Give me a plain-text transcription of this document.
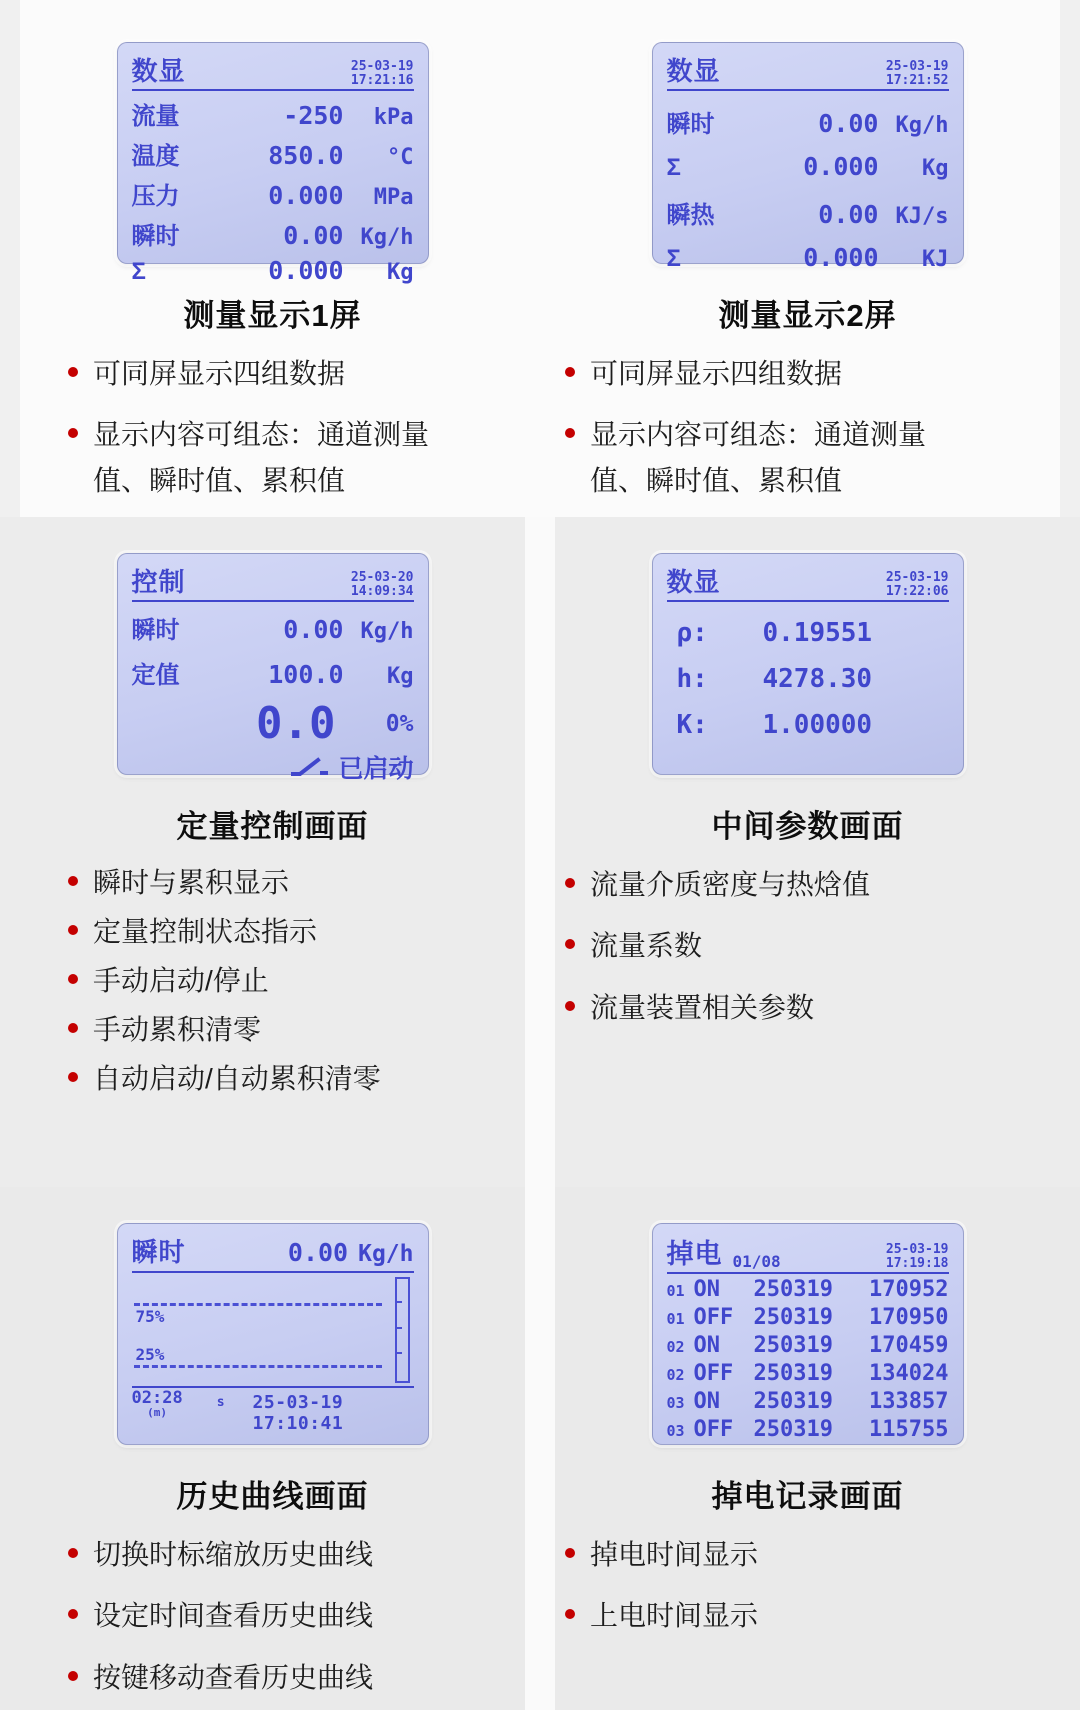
数显	25-03-19
17:21:16
流量	-250	kPa
温度	850.0	°C
压力	0.000	MPa
瞬时	0.00 Kg/h
Σ	0.000	Kg
测量显示1屏
可同屏显示四组数据
显示内容可组态：通道测量值、瞬时值、累积值
数显	25-03-19
17:21:52
瞬时	0.00 Kg/h
Σ	0.000	Kg
瞬热	0.00 KJ/s
Σ	0.000	KJ
测量显示2屏
可同屏显示四组数据
显示内容可组态：通道测量值、瞬时值、累积值
控制	25-03-20
14:09:34
瞬时	0.00 Kg/h
定值	100.0	Kg
0.0	0%
已启动
定量控制画面
瞬时与累积显示
定量控制状态指示
手动启动/停止
手动累积清零
自动启动/自动累积清零
数显	25-03-19
17:22:06
ρ:	0.19551
h:	4278.30
K:	1.00000
中间参数画面
流量介质密度与热焓值
流量系数
流量装置相关参数
瞬时	0.00 Kg/h
75%
25%
02:28
(m)
s 25-03-19 17:10:41
历史曲线画面
切换时标缩放历史曲线
设定时间查看历史曲线
按键移动查看历史曲线
掉电 01/08
25-03-19
17:19:18
01 ON	250319 170952
01 OFF 250319 170950
02 ON	250319 170459
02 OFF 250319 134024
03 ON	250319 133857
03 OFF 250319 115755
掉电记录画面
掉电时间显示
上电时间显示
